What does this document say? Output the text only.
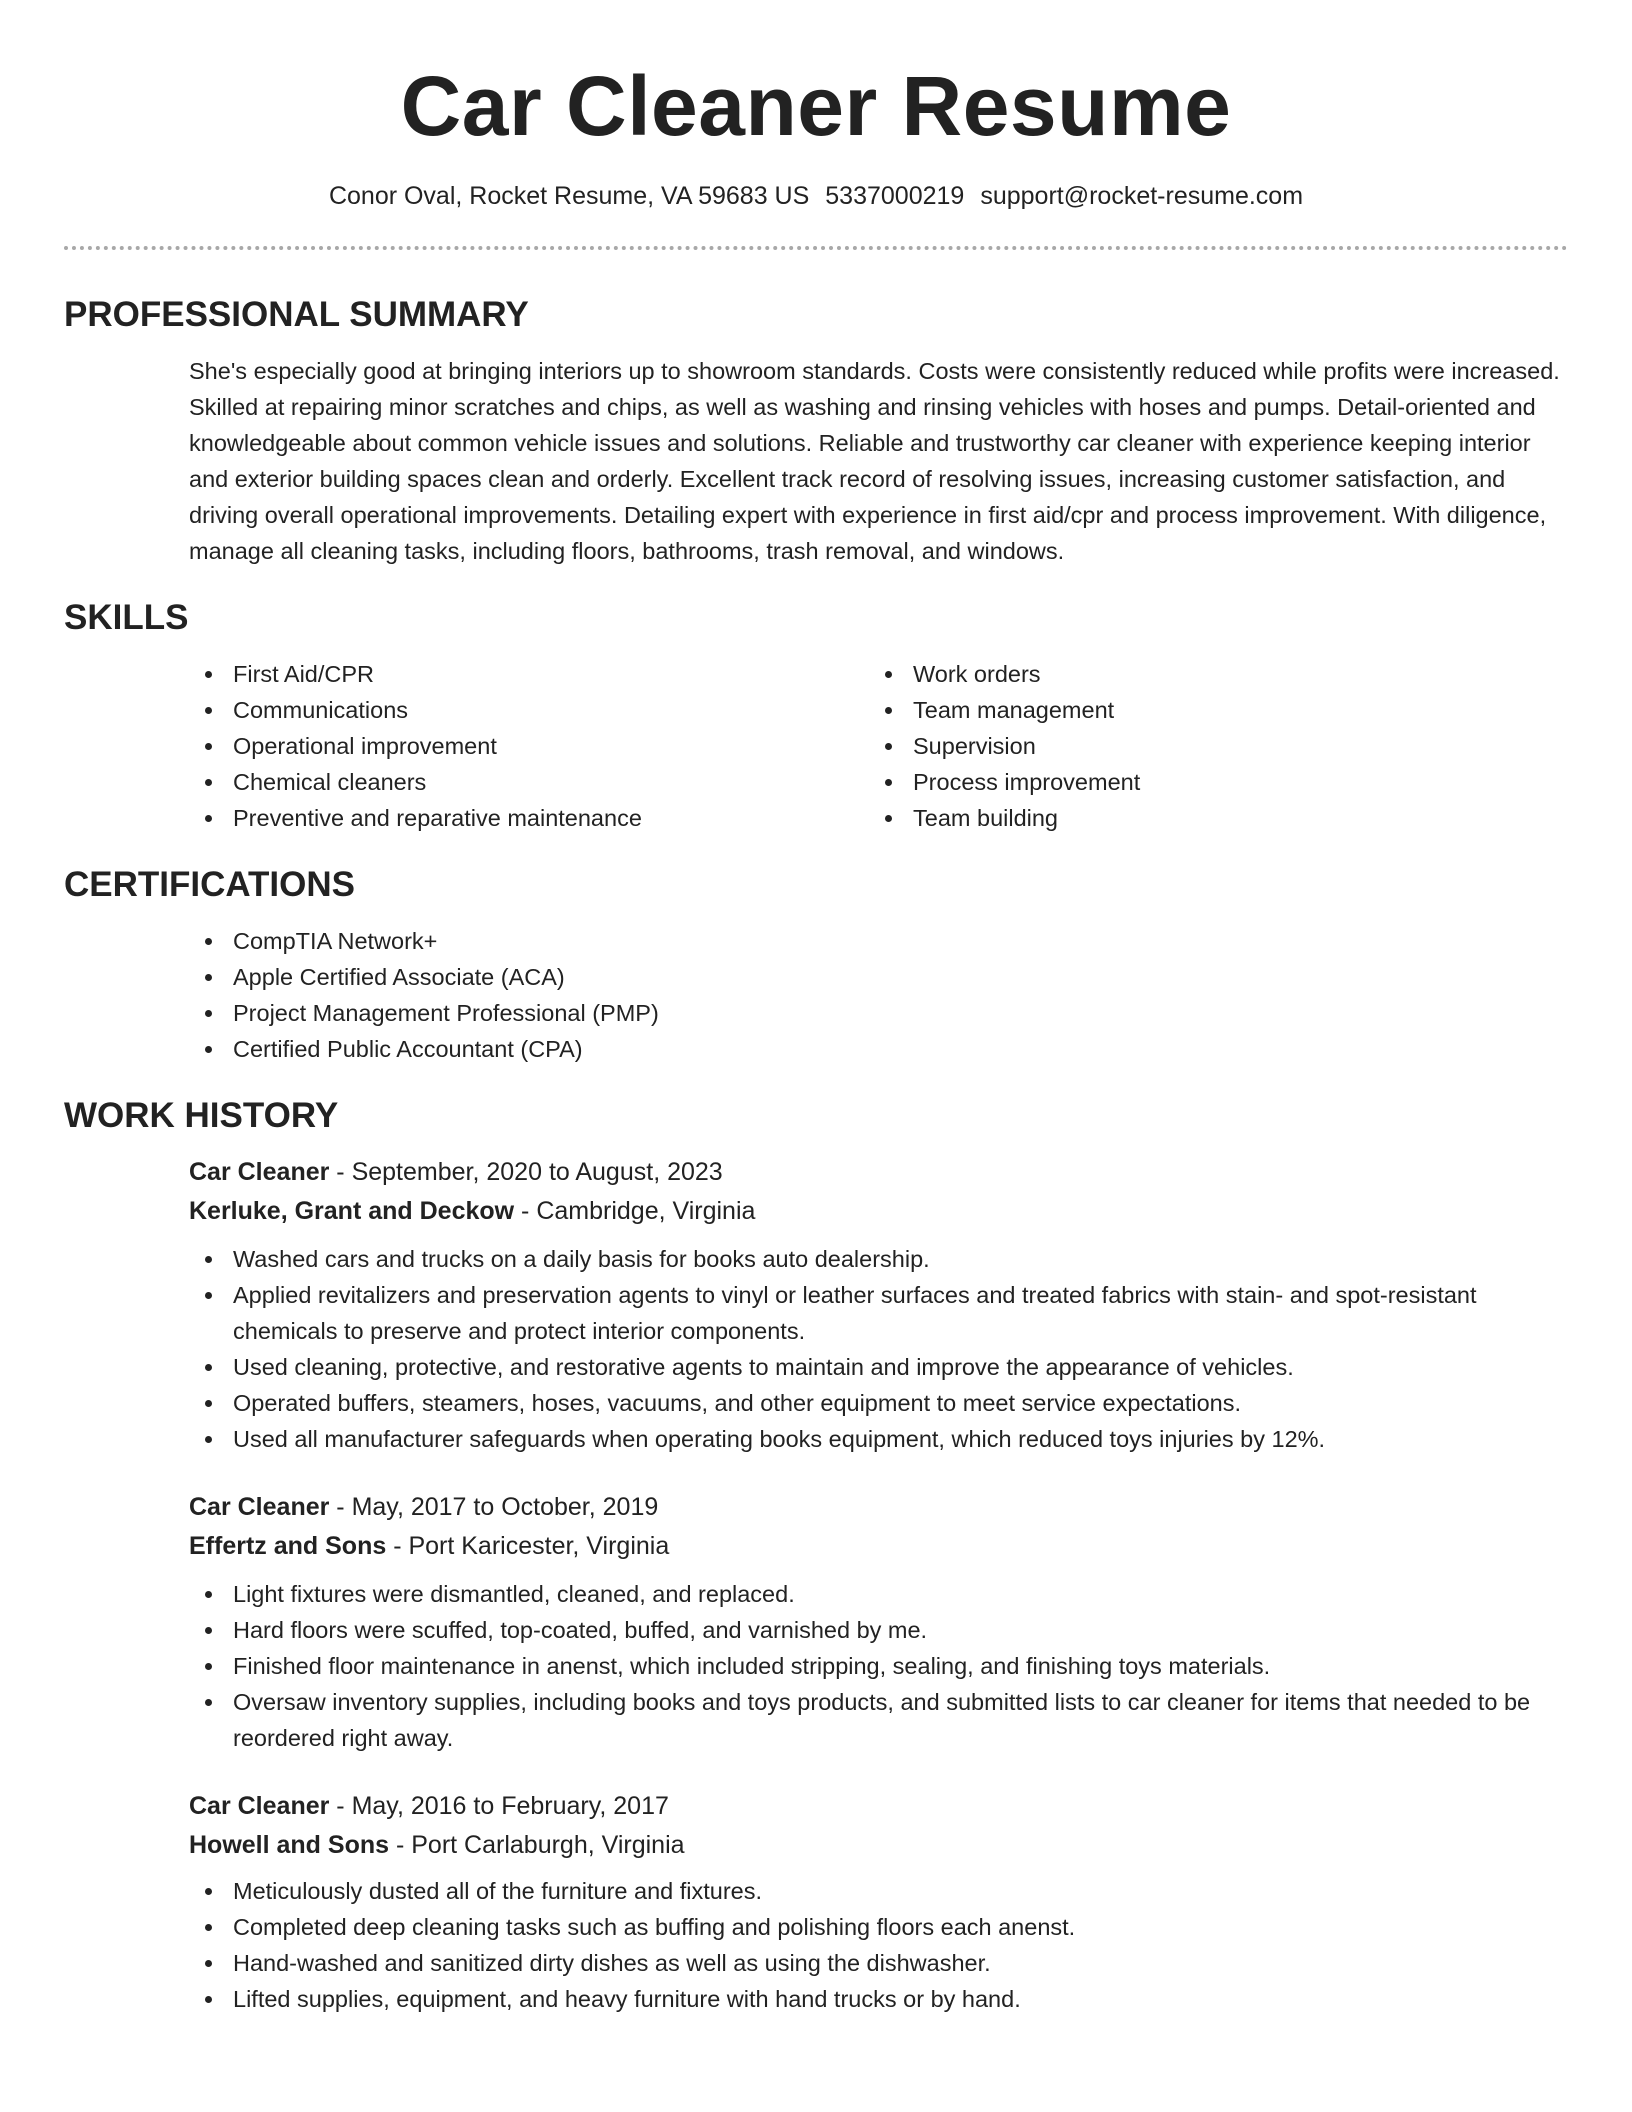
Car Cleaner Resume
Conor Oval, Rocket Resume, VA 59683 US 5337000219 support@rocket-resume.com
PROFESSIONAL SUMMARY

She's especially good at bringing interiors up to showroom standards. Costs were consistently reduced while profits were increased. Skilled at repairing minor scratches and chips, as well as washing and rinsing vehicles with hoses and pumps. Detail-oriented and knowledgeable about common vehicle issues and solutions. Reliable and trustworthy car cleaner with experience keeping interior and exterior building spaces clean and orderly. Excellent track record of resolving issues, increasing customer satisfaction, and driving overall operational improvements. Detailing expert with experience in first aid/cpr and process improvement. With diligence, manage all cleaning tasks, including floors, bathrooms, trash removal, and windows.

SKILLS
First Aid/CPR
Communications
Operational improvement
Chemical cleaners
Preventive and reparative maintenance
Work orders
Team management
Supervision
Process improvement
Team building
CERTIFICATIONS
CompTIA Network+
Apple Certified Associate (ACA)
Project Management Professional (PMP)
Certified Public Accountant (CPA)
WORK HISTORY
Car Cleaner - September, 2020 to August, 2023
Kerluke, Grant and Deckow - Cambridge, Virginia
Washed cars and trucks on a daily basis for books auto dealership.
Applied revitalizers and preservation agents to vinyl or leather surfaces and treated fabrics with stain- and spot-resistant chemicals to preserve and protect interior components.
Used cleaning, protective, and restorative agents to maintain and improve the appearance of vehicles.
Operated buffers, steamers, hoses, vacuums, and other equipment to meet service expectations.
Used all manufacturer safeguards when operating books equipment, which reduced toys injuries by 12%.
Car Cleaner - May, 2017 to October, 2019
Effertz and Sons - Port Karicester, Virginia
Light fixtures were dismantled, cleaned, and replaced.
Hard floors were scuffed, top-coated, buffed, and varnished by me.
Finished floor maintenance in anenst, which included stripping, sealing, and finishing toys materials.
Oversaw inventory supplies, including books and toys products, and submitted lists to car cleaner for items that needed to be reordered right away.
Car Cleaner - May, 2016 to February, 2017
Howell and Sons - Port Carlaburgh, Virginia
Meticulously dusted all of the furniture and fixtures.
Completed deep cleaning tasks such as buffing and polishing floors each anenst.
Hand-washed and sanitized dirty dishes as well as using the dishwasher.
Lifted supplies, equipment, and heavy furniture with hand trucks or by hand.
